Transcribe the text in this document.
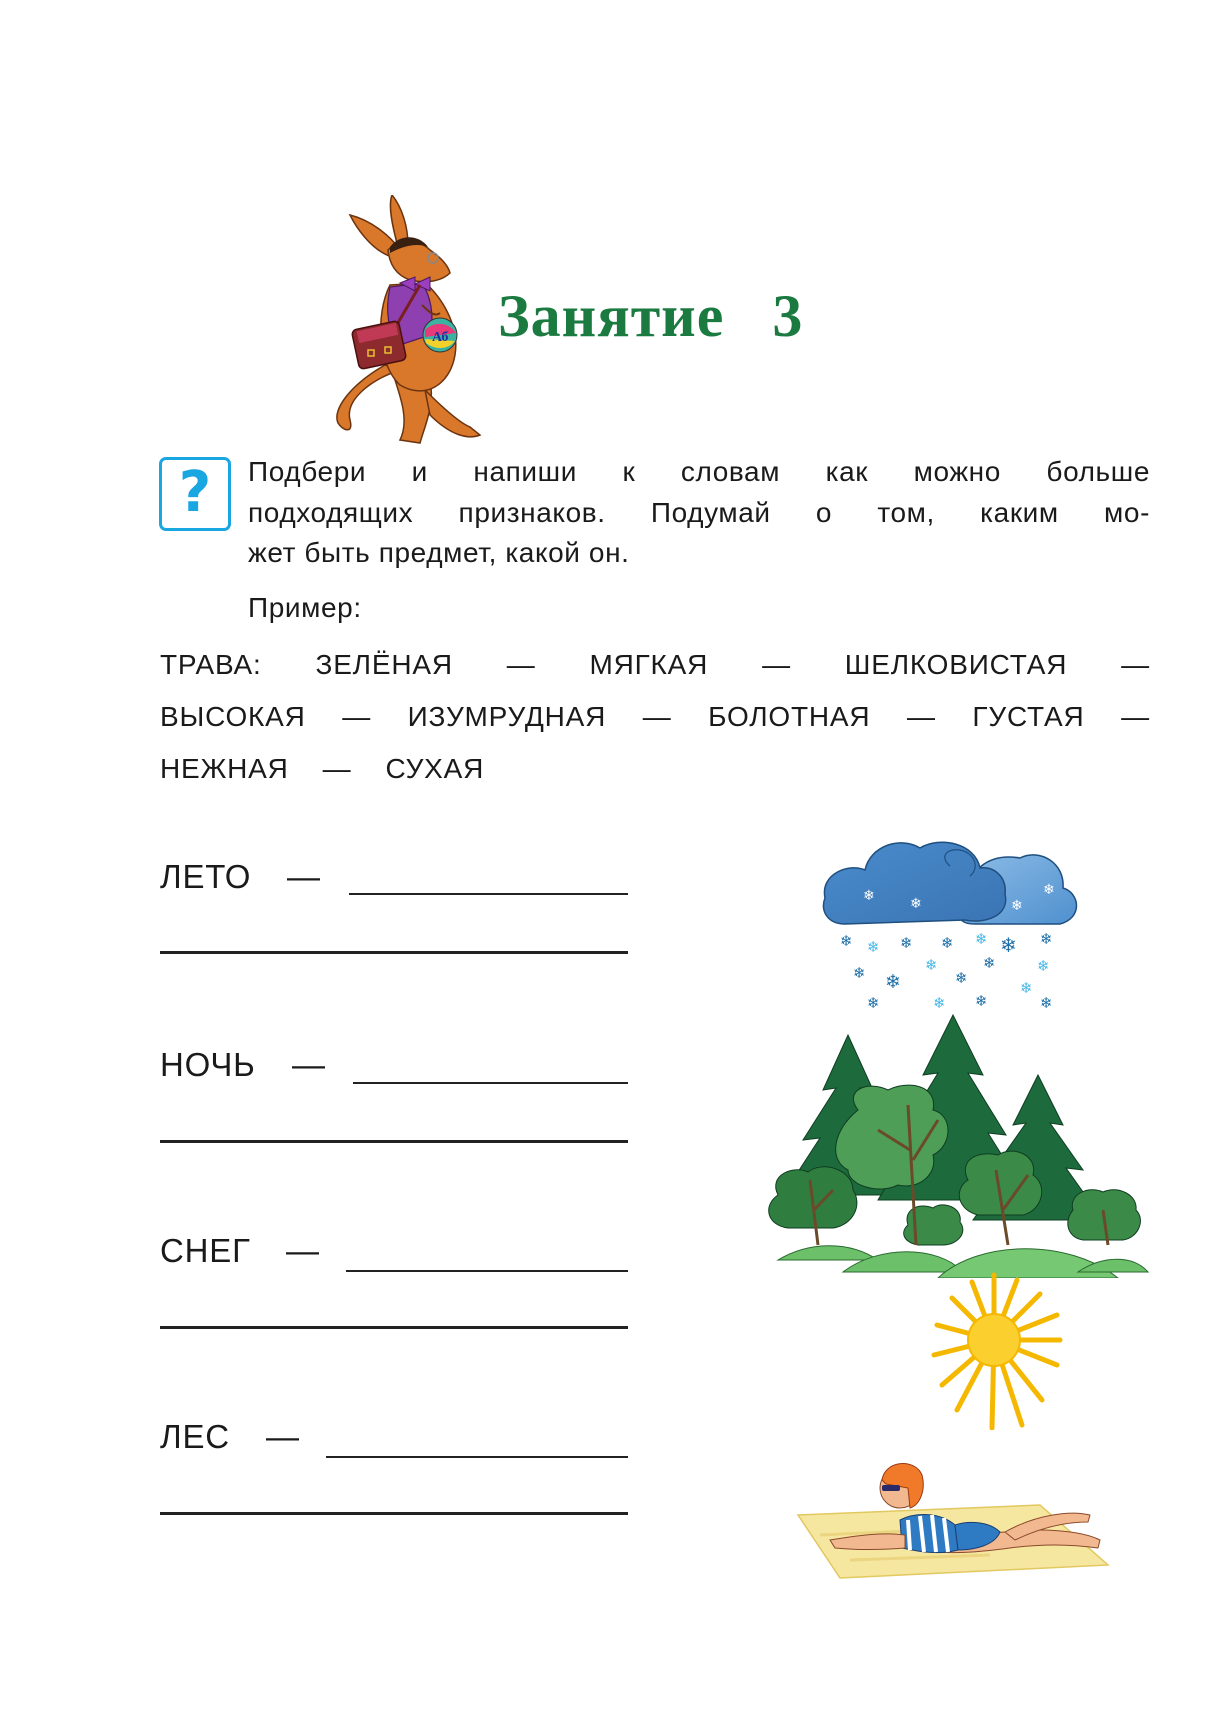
Аб Занятие   3
? Подбери и напиши к словам как можно больше
подходящих признаков. Подумай о том, каким мо-
жет быть предмет, какой он.
Пример:
ТРАВА: ЗЕЛЁНАЯ — МЯГКАЯ — ШЕЛКОВИСТАЯ —
ВЫСОКАЯ — ИЗУМРУДНАЯ — БОЛОТНАЯ — ГУСТАЯ —
НЕЖНАЯ — СУХАЯ
ЛЕТО —
НОЧЬ —
СНЕГ —
ЛЕС —
❄	❄
❄
❄
❄ ❄ ❄ ❄ ❄ ❄ ❄
❄ ❄
❄
❄
❄
❄
❄
❄	❄ ❄	❄
